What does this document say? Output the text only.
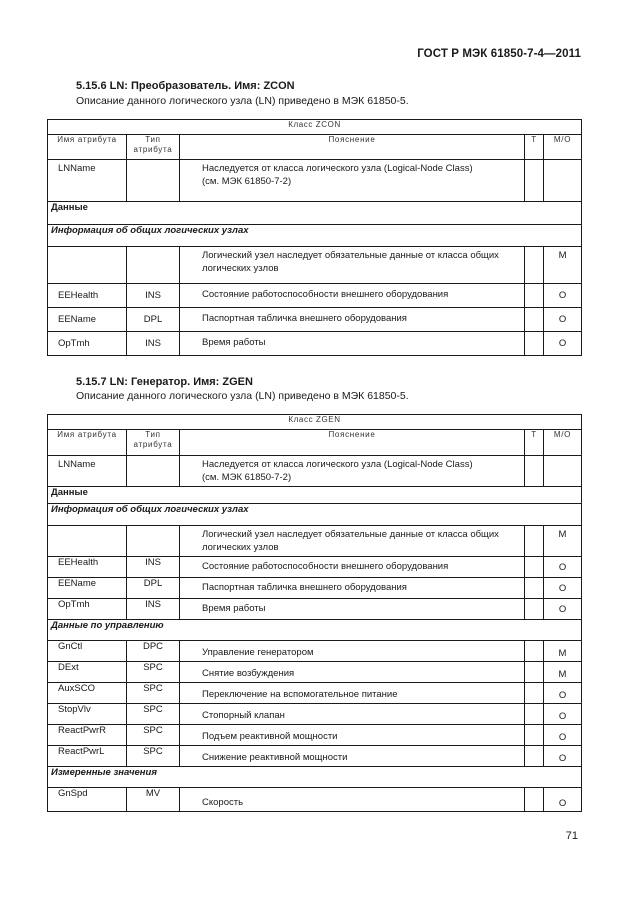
ГОСТ Р МЭК 61850-7-4—2011
5.15.6 LN: Преобразователь. Имя: ZCON
Описание данного логического узла (LN) приведено в МЭК 61850-5.
Класс ZCON				
Имя атрибута	Тип
атрибута	Пояснение	T	М/О
LNName		Наследуется от класса логического узла (Logical-Node Class)
(см. МЭК 61850-7-2)		
Данные				
Информация об общих логических узлах				
		Логический узел наследует обязательные данные от класса общих
логических узлов		М
EEHealth	INS	Состояние работоспособности внешнего оборудования		О
EEName	DPL	Паспортная табличка внешнего оборудования		О
OpTmh	INS	Время работы		О
5.15.7 LN: Генератор. Имя: ZGEN
Описание данного логического узла (LN) приведено в МЭК 61850-5.
Класс ZGEN				
Имя атрибута	Тип
атрибута	Пояснение	T	М/О
LNName		Наследуется от класса логического узла (Logical-Node Class)
(см. МЭК 61850-7-2)		
Данные				
Информация об общих логических узлах				
		Логический узел наследует обязательные данные от класса общих
логических узлов		М
EEHealth	INS	Состояние работоспособности внешнего оборудования		О
EEName	DPL	Паспортная табличка внешнего оборудования		О
OpTmh	INS	Время работы		О
Данные по управлению				
GnCtl	DPC	Управление генератором		М
DExt	SPC	Снятие возбуждения		М
AuxSCO	SPC	Переключение на вспомогательное питание		О
StopVlv	SPC	Стопорный клапан		О
ReactPwrR	SPC	Подъем реактивной мощности		О
ReactPwrL	SPC	Снижение реактивной мощности		О
Измеренные значения				
GnSpd	MV	Скорость		О
71
